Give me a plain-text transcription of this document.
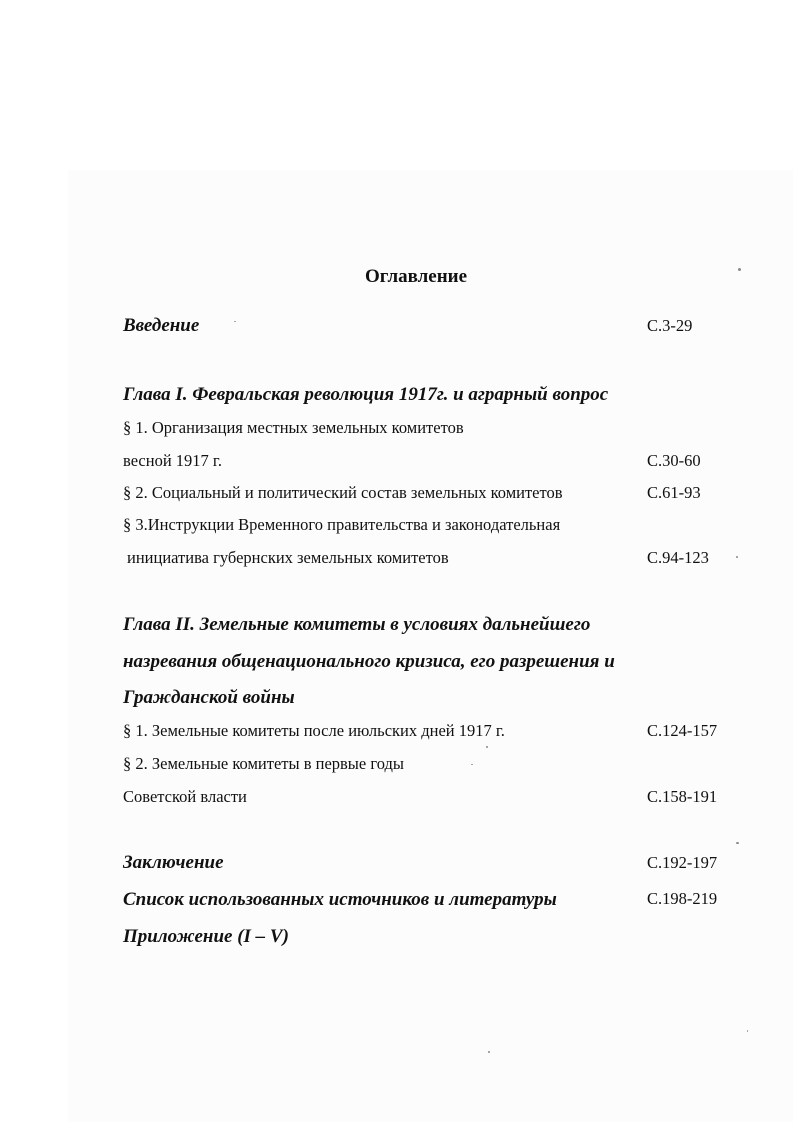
Оглавление
Введение	С.3-29
Глава I. Февральская революция 1917г. и аграрный вопрос
§ 1. Организация местных земельных комитетов
весной 1917 г.	С.30-60
§ 2. Социальный и политический состав земельных комитетов	С.61-93
§ 3.Инструкции Временного правительства и законодательная
инициатива губернских земельных комитетов	С.94-123
Глава II. Земельные комитеты в условиях дальнейшего
назревания общенационального кризиса, его разрешения и
Гражданской войны
§ 1. Земельные комитеты после июльских дней 1917 г.	С.124-157
§ 2. Земельные комитеты в первые годы
Советской власти	С.158-191
Заключение	С.192-197
Список использованных источников и литературы	С.198-219
Приложение (I – V)
